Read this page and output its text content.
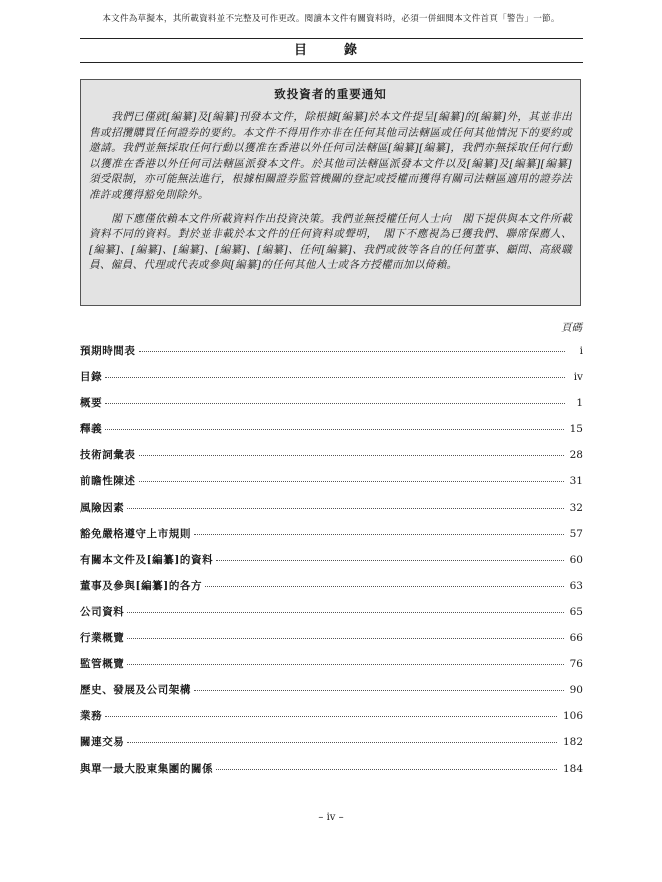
本文件為草擬本，其所載資料並不完整及可作更改。閱讀本文件有關資料時，必須一併細閱本文件首頁「警告」一節。
目　錄
致投資者的重要通知

我們已僅就[編纂]及[編纂]刊發本文件，除根據[編纂]於本文件提呈[編纂]的[編纂]外，其並非出售或招攬購買任何證券的要約。本文件不得用作亦非在任何其他司法轄區或任何其他情況下的要約或邀請。我們並無採取任何行動以獲准在香港以外任何司法轄區[編纂][編纂]，我們亦無採取任何行動以獲准在香港以外任何司法轄區派發本文件。於其他司法轄區派發本文件以及[編纂]及[編纂][編纂]須受限制，亦可能無法進行，根據相關證券監管機關的登記或授權而獲得有關司法轄區適用的證券法准許或獲得豁免則除外。

閣下應僅依賴本文件所載資料作出投資決策。我們並無授權任何人士向　閣下提供與本文件所載資料不同的資料。對於並非載於本文件的任何資料或聲明，　閣下不應視為已獲我們、聯席保薦人、[編纂]、[編纂]、[編纂]、[編纂]、[編纂]、任何[編纂]、我們或彼等各自的任何董事、顧問、高級職員、僱員、代理或代表或參與[編纂]的任何其他人士或各方授權而加以倚賴。

頁碼
預期時間表	i
目錄	iv
概要	1
釋義	15
技術詞彙表	28
前瞻性陳述	31
風險因素	32
豁免嚴格遵守上市規則	57
有關本文件及[編纂]的資料	60
董事及參與[編纂]的各方	63
公司資料	65
行業概覽	66
監管概覽	76
歷史、發展及公司架構	90
業務	106
關連交易	182
與單一最大股東集團的關係	184
– iv –
